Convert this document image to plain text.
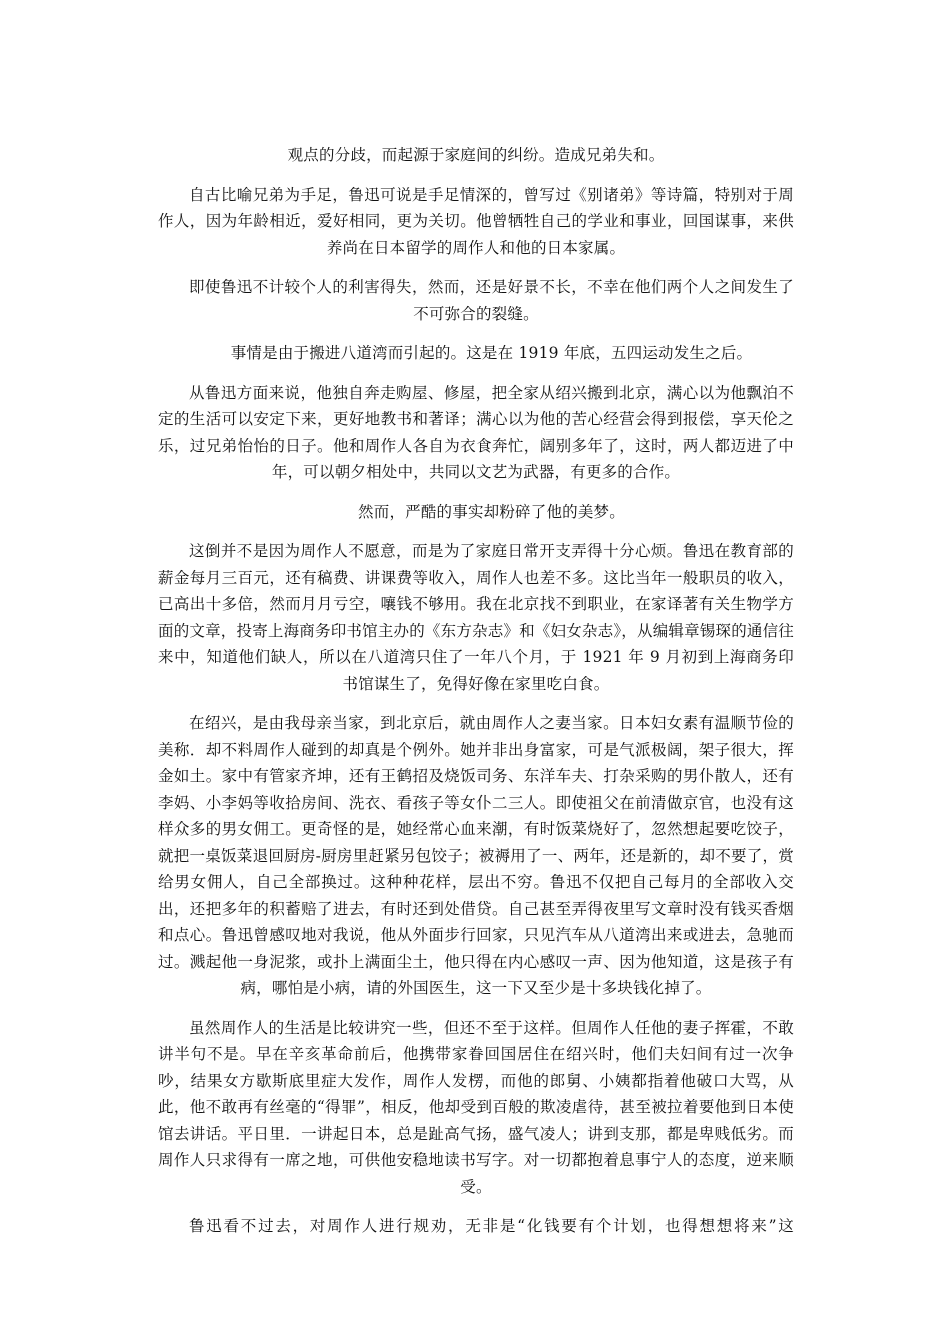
观点的分歧，而起源于家庭间的纠纷。造成兄弟失和。

自古比喻兄弟为手足，鲁迅可说是手足情深的，曾写过《别诸弟》等诗篇，特别对于周作人，因为年龄相近，爱好相同，更为关切。他曾牺牲自己的学业和事业，回国谋事，来供养尚在日本留学的周作人和他的日本家属。

即使鲁迅不计较个人的利害得失，然而，还是好景不长，不幸在他们两个人之间发生了不可弥合的裂缝。

事情是由于搬进八道湾而引起的。这是在 1919 年底，五四运动发生之后。

从鲁迅方面来说，他独自奔走购屋、修屋，把全家从绍兴搬到北京，满心以为他飘泊不定的生活可以安定下来，更好地教书和著译；满心以为他的苦心经营会得到报偿，享天伦之乐，过兄弟怡怡的日子。他和周作人各自为衣食奔忙，阔别多年了，这时，两人都迈进了中年，可以朝夕相处中，共同以文艺为武器，有更多的合作。

然而，严酷的事实却粉碎了他的美梦。

这倒并不是因为周作人不愿意，而是为了家庭日常开支弄得十分心烦。鲁迅在教育部的薪金每月三百元，还有稿费、讲课费等收入，周作人也差不多。这比当年一般职员的收入，已高出十多倍，然而月月亏空，嚷钱不够用。我在北京找不到职业，在家译著有关生物学方面的文章，投寄上海商务印书馆主办的《东方杂志》和《妇女杂志》，从编辑章锡琛的通信往来中，知道他们缺人，所以在八道湾只住了一年八个月，于 1921 年 9 月初到上海商务印书馆谋生了，免得好像在家里吃白食。

在绍兴，是由我母亲当家，到北京后，就由周作人之妻当家。日本妇女素有温顺节俭的美称．却不料周作人碰到的却真是个例外。她并非出身富家，可是气派极阔，架子很大，挥金如土。家中有管家齐坤，还有王鹤招及烧饭司务、东洋车夫、打杂采购的男仆散人，还有李妈、小李妈等收拾房间、洗衣、看孩子等女仆二三人。即使祖父在前清做京官，也没有这样众多的男女佣工。更奇怪的是，她经常心血来潮，有时饭菜烧好了，忽然想起要吃饺子，就把一桌饭菜退回厨房-厨房里赶紧另包饺子；被褥用了一、两年，还是新的，却不要了，赏给男女佣人，自己全部换过。这种种花样，层出不穷。鲁迅不仅把自己每月的全部收入交出，还把多年的积蓄赔了进去，有时还到处借贷。自己甚至弄得夜里写文章时没有钱买香烟和点心。鲁迅曾感叹地对我说，他从外面步行回家，只见汽车从八道湾出来或进去，急驰而过。溅起他一身泥浆，或扑上满面尘土，他只得在内心感叹一声、因为他知道，这是孩子有病，哪怕是小病，请的外国医生，这一下又至少是十多块钱化掉了。

虽然周作人的生活是比较讲究一些，但还不至于这样。但周作人任他的妻子挥霍，不敢讲半句不是。早在辛亥革命前后，他携带家眷回国居住在绍兴时，他们夫妇间有过一次争吵，结果女方歇斯底里症大发作，周作人发楞，而他的郎舅、小姨都指着他破口大骂，从此，他不敢再有丝毫的“得罪”，相反，他却受到百般的欺凌虐待，甚至被拉着要他到日本使馆去讲话。平日里．一讲起日本，总是趾高气扬，盛气凌人；讲到支那，都是卑贱低劣。而周作人只求得有一席之地，可供他安稳地读书写字。对一切都抱着息事宁人的态度，逆来顺受。

鲁迅看不过去，对周作人进行规劝，无非是“化钱要有个计划，也得想想将来”这
